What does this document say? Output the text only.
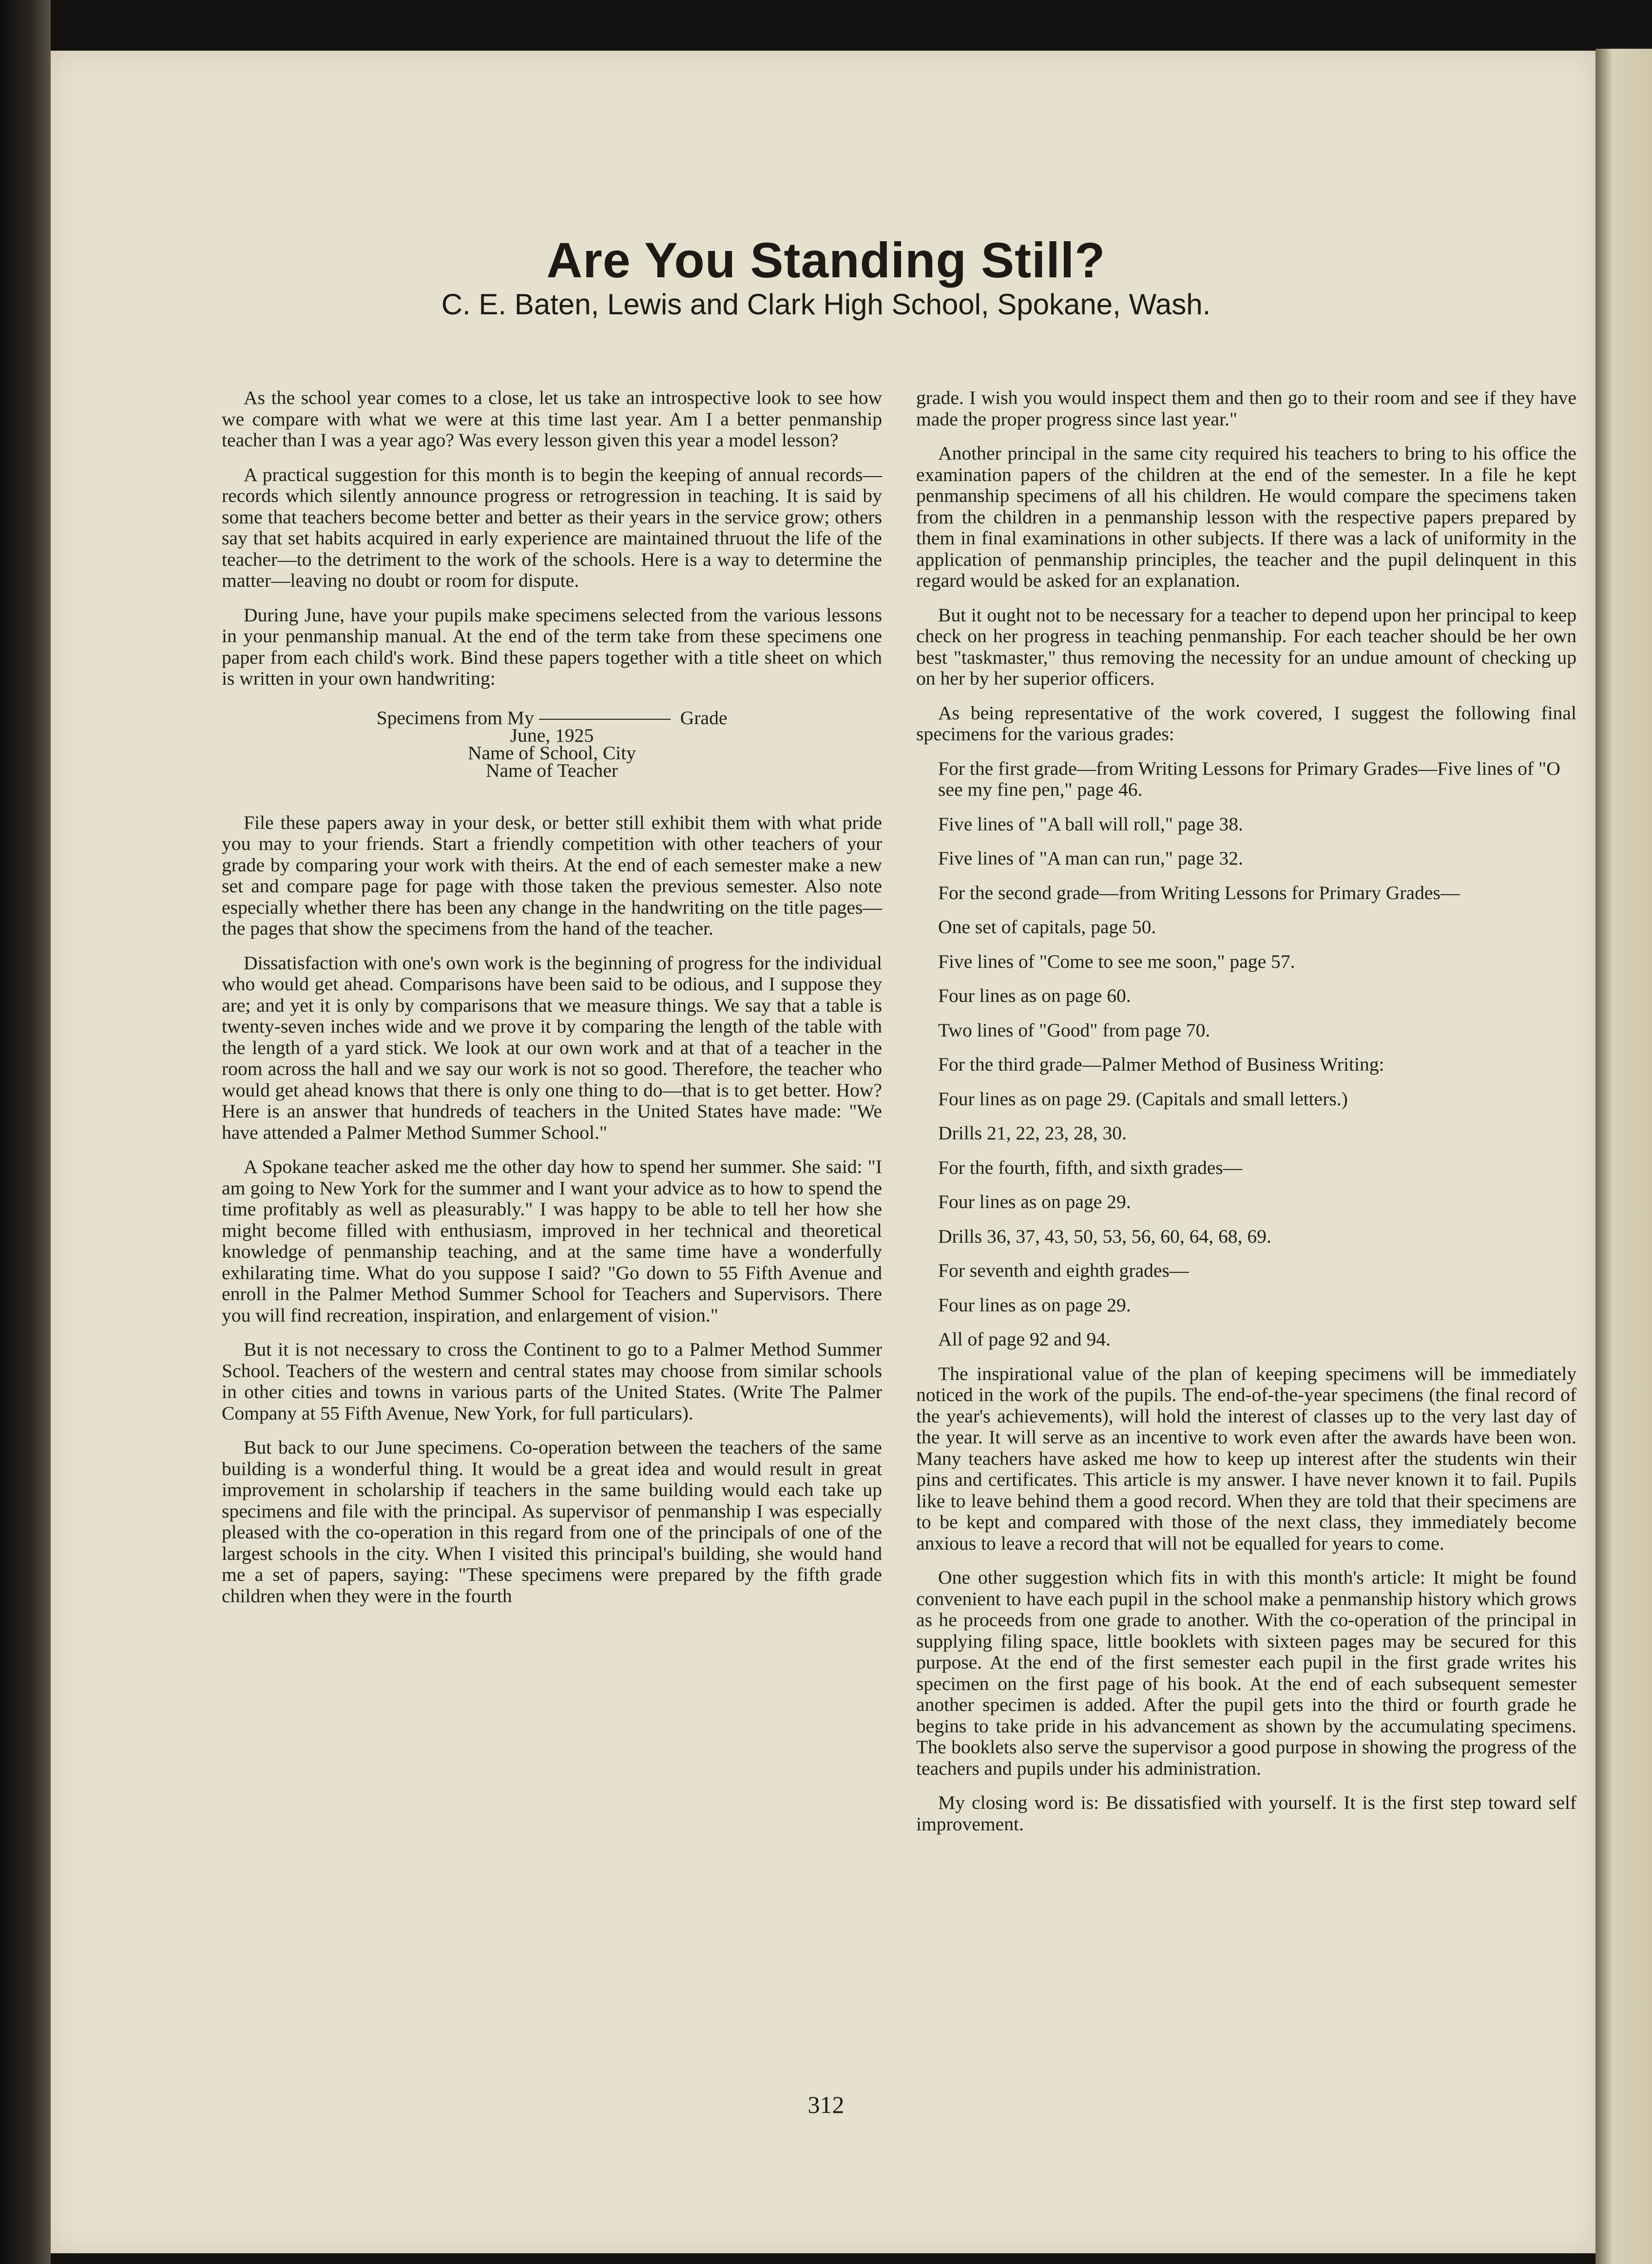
Are You Standing Still?
C. E. Baten, Lewis and Clark High School, Spokane, Wash.

As the school year comes to a close, let us take an introspective look to see how we compare with what we were at this time last year. Am I a better penmanship teacher than I was a year ago? Was every lesson given this year a model lesson?

A practical suggestion for this month is to begin the keeping of annual records—records which silently announce progress or retrogression in teaching. It is said by some that teachers become better and better as their years in the service grow; others say that set habits acquired in early experience are maintained thruout the life of the teacher—to the detriment to the work of the schools. Here is a way to determine the matter—leaving no doubt or room for dispute.

During June, have your pupils make specimens selected from the various lessons in your penmanship manual. At the end of the term take from these specimens one paper from each child's work. Bind these papers together with a title sheet on which is written in your own handwriting:

Specimens from My	Grade
June, 1925
Name of School, City
Name of Teacher

File these papers away in your desk, or better still exhibit them with what pride you may to your friends. Start a friendly competition with other teachers of your grade by comparing your work with theirs. At the end of each semester make a new set and compare page for page with those taken the previous semester. Also note especially whether there has been any change in the handwriting on the title pages—the pages that show the specimens from the hand of the teacher.

Dissatisfaction with one's own work is the beginning of progress for the individual who would get ahead. Comparisons have been said to be odious, and I suppose they are; and yet it is only by comparisons that we measure things. We say that a table is twenty-seven inches wide and we prove it by comparing the length of the table with the length of a yard stick. We look at our own work and at that of a teacher in the room across the hall and we say our work is not so good. Therefore, the teacher who would get ahead knows that there is only one thing to do—that is to get better. How? Here is an answer that hundreds of teachers in the United States have made: "We have attended a Palmer Method Summer School."

A Spokane teacher asked me the other day how to spend her summer. She said: "I am going to New York for the summer and I want your advice as to how to spend the time profitably as well as pleasurably." I was happy to be able to tell her how she might become filled with enthusiasm, improved in her technical and theoretical knowledge of penmanship teaching, and at the same time have a wonderfully exhilarating time. What do you suppose I said? "Go down to 55 Fifth Avenue and enroll in the Palmer Method Summer School for Teachers and Supervisors. There you will find recreation, inspiration, and enlargement of vision."

But it is not necessary to cross the Continent to go to a Palmer Method Summer School. Teachers of the western and central states may choose from similar schools in other cities and towns in various parts of the United States. (Write The Palmer Company at 55 Fifth Avenue, New York, for full particulars).

But back to our June specimens. Co-operation between the teachers of the same building is a wonderful thing. It would be a great idea and would result in great improvement in scholarship if teachers in the same building would each take up specimens and file with the principal. As supervisor of penmanship I was especially pleased with the co-operation in this regard from one of the principals of one of the largest schools in the city. When I visited this principal's building, she would hand me a set of papers, saying: "These specimens were prepared by the fifth grade children when they were in the fourth

grade. I wish you would inspect them and then go to their room and see if they have made the proper progress since last year."

Another principal in the same city required his teachers to bring to his office the examination papers of the children at the end of the semester. In a file he kept penmanship specimens of all his children. He would compare the specimens taken from the children in a penmanship lesson with the respective papers prepared by them in final examinations in other subjects. If there was a lack of uniformity in the application of penmanship principles, the teacher and the pupil delinquent in this regard would be asked for an explanation.

But it ought not to be necessary for a teacher to depend upon her principal to keep check on her progress in teaching penmanship. For each teacher should be her own best "taskmaster," thus removing the necessity for an undue amount of checking up on her by her superior officers.

As being representative of the work covered, I suggest the following final specimens for the various grades:

For the first grade—from Writing Lessons for Primary Grades—Five lines of "O see my fine pen," page 46.

Five lines of "A ball will roll," page 38.

Five lines of "A man can run," page 32.

For the second grade—from Writing Lessons for Primary Grades—

One set of capitals, page 50.

Five lines of "Come to see me soon," page 57.

Four lines as on page 60.

Two lines of "Good" from page 70.

For the third grade—Palmer Method of Business Writing:

Four lines as on page 29. (Capitals and small letters.)

Drills 21, 22, 23, 28, 30.

For the fourth, fifth, and sixth grades—

Four lines as on page 29.

Drills 36, 37, 43, 50, 53, 56, 60, 64, 68, 69.

For seventh and eighth grades—

Four lines as on page 29.

All of page 92 and 94.

The inspirational value of the plan of keeping specimens will be immediately noticed in the work of the pupils. The end-of-the-year specimens (the final record of the year's achievements), will hold the interest of classes up to the very last day of the year. It will serve as an incentive to work even after the awards have been won. Many teachers have asked me how to keep up interest after the students win their pins and certificates. This article is my answer. I have never known it to fail. Pupils like to leave behind them a good record. When they are told that their specimens are to be kept and compared with those of the next class, they immediately become anxious to leave a record that will not be equalled for years to come.

One other suggestion which fits in with this month's article: It might be found convenient to have each pupil in the school make a penmanship history which grows as he proceeds from one grade to another. With the co-operation of the principal in supplying filing space, little booklets with sixteen pages may be secured for this purpose. At the end of the first semester each pupil in the first grade writes his specimen on the first page of his book. At the end of each subsequent semester another specimen is added. After the pupil gets into the third or fourth grade he begins to take pride in his advancement as shown by the accumulating specimens. The booklets also serve the supervisor a good purpose in showing the progress of the teachers and pupils under his administration.

My closing word is: Be dissatisfied with yourself. It is the first step toward self improvement.

312
